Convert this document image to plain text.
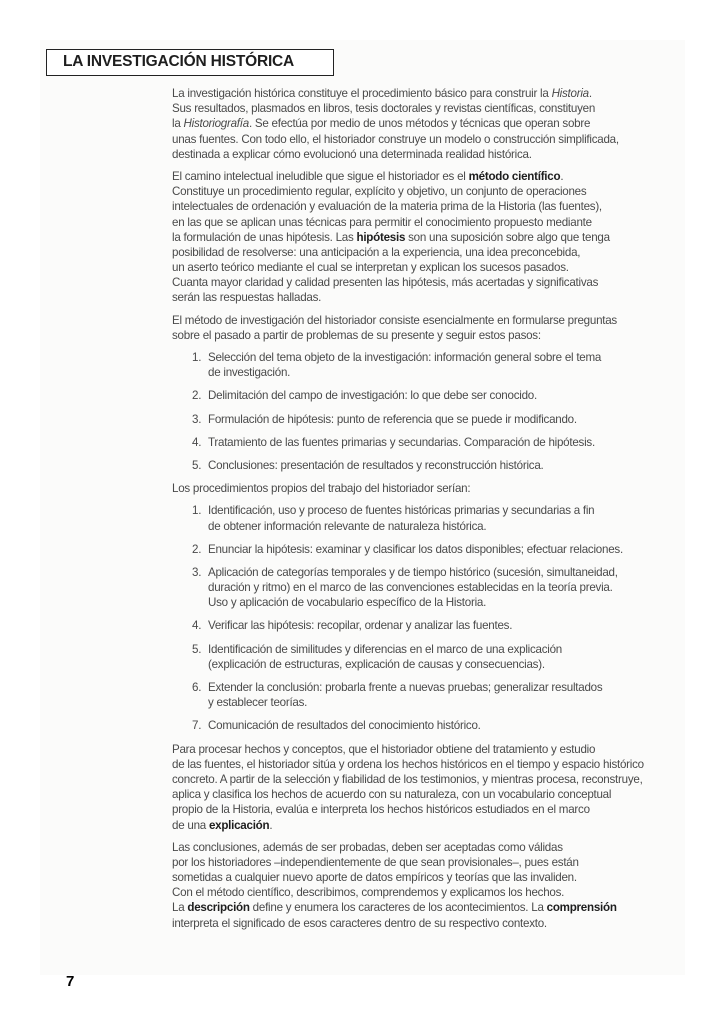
LA INVESTIGACIÓN HISTÓRICA
La investigación histórica constituye el procedimiento básico para construir la Historia.
Sus resultados, plasmados en libros, tesis doctorales y revistas científicas, constituyen
la Historiografía. Se efectúa por medio de unos métodos y técnicas que operan sobre
unas fuentes. Con todo ello, el historiador construye un modelo o construcción simplificada,
destinada a explicar cómo evolucionó una determinada realidad histórica.
El camino intelectual ineludible que sigue el historiador es el método científico.
Constituye un procedimiento regular, explícito y objetivo, un conjunto de operaciones
intelectuales de ordenación y evaluación de la materia prima de la Historia (las fuentes),
en las que se aplican unas técnicas para permitir el conocimiento propuesto mediante
la formulación de unas hipótesis. Las hipótesis son una suposición sobre algo que tenga
posibilidad de resolverse: una anticipación a la experiencia, una idea preconcebida,
un aserto teórico mediante el cual se interpretan y explican los sucesos pasados.
Cuanta mayor claridad y calidad presenten las hipótesis, más acertadas y significativas
serán las respuestas halladas.
El método de investigación del historiador consiste esencialmente en formularse preguntas
sobre el pasado a partir de problemas de su presente y seguir estos pasos:
1. Selección del tema objeto de la investigación: información general sobre el tema
de investigación.
2. Delimitación del campo de investigación: lo que debe ser conocido.
3. Formulación de hipótesis: punto de referencia que se puede ir modificando.
4. Tratamiento de las fuentes primarias y secundarias. Comparación de hipótesis.
5. Conclusiones: presentación de resultados y reconstrucción histórica.
Los procedimientos propios del trabajo del historiador serían:
1. Identificación, uso y proceso de fuentes históricas primarias y secundarias a fin
de obtener información relevante de naturaleza histórica.
2. Enunciar la hipótesis: examinar y clasificar los datos disponibles; efectuar relaciones.
3. Aplicación de categorías temporales y de tiempo histórico (sucesión, simultaneidad,
duración y ritmo) en el marco de las convenciones establecidas en la teoría previa.
Uso y aplicación de vocabulario específico de la Historia.
4. Verificar las hipótesis: recopilar, ordenar y analizar las fuentes.
5. Identificación de similitudes y diferencias en el marco de una explicación
(explicación de estructuras, explicación de causas y consecuencias).
6. Extender la conclusión: probarla frente a nuevas pruebas; generalizar resultados
y establecer teorías.
7. Comunicación de resultados del conocimiento histórico.
Para procesar hechos y conceptos, que el historiador obtiene del tratamiento y estudio
de las fuentes, el historiador sitúa y ordena los hechos históricos en el tiempo y espacio histórico
concreto. A partir de la selección y fiabilidad de los testimonios, y mientras procesa, reconstruye,
aplica y clasifica los hechos de acuerdo con su naturaleza, con un vocabulario conceptual
propio de la Historia, evalúa e interpreta los hechos históricos estudiados en el marco
de una explicación.
Las conclusiones, además de ser probadas, deben ser aceptadas como válidas
por los historiadores –independientemente de que sean provisionales–, pues están
sometidas a cualquier nuevo aporte de datos empíricos y teorías que las invaliden.
Con el método científico, describimos, comprendemos y explicamos los hechos.
La descripción define y enumera los caracteres de los acontecimientos. La comprensión
interpreta el significado de esos caracteres dentro de su respectivo contexto.
7
